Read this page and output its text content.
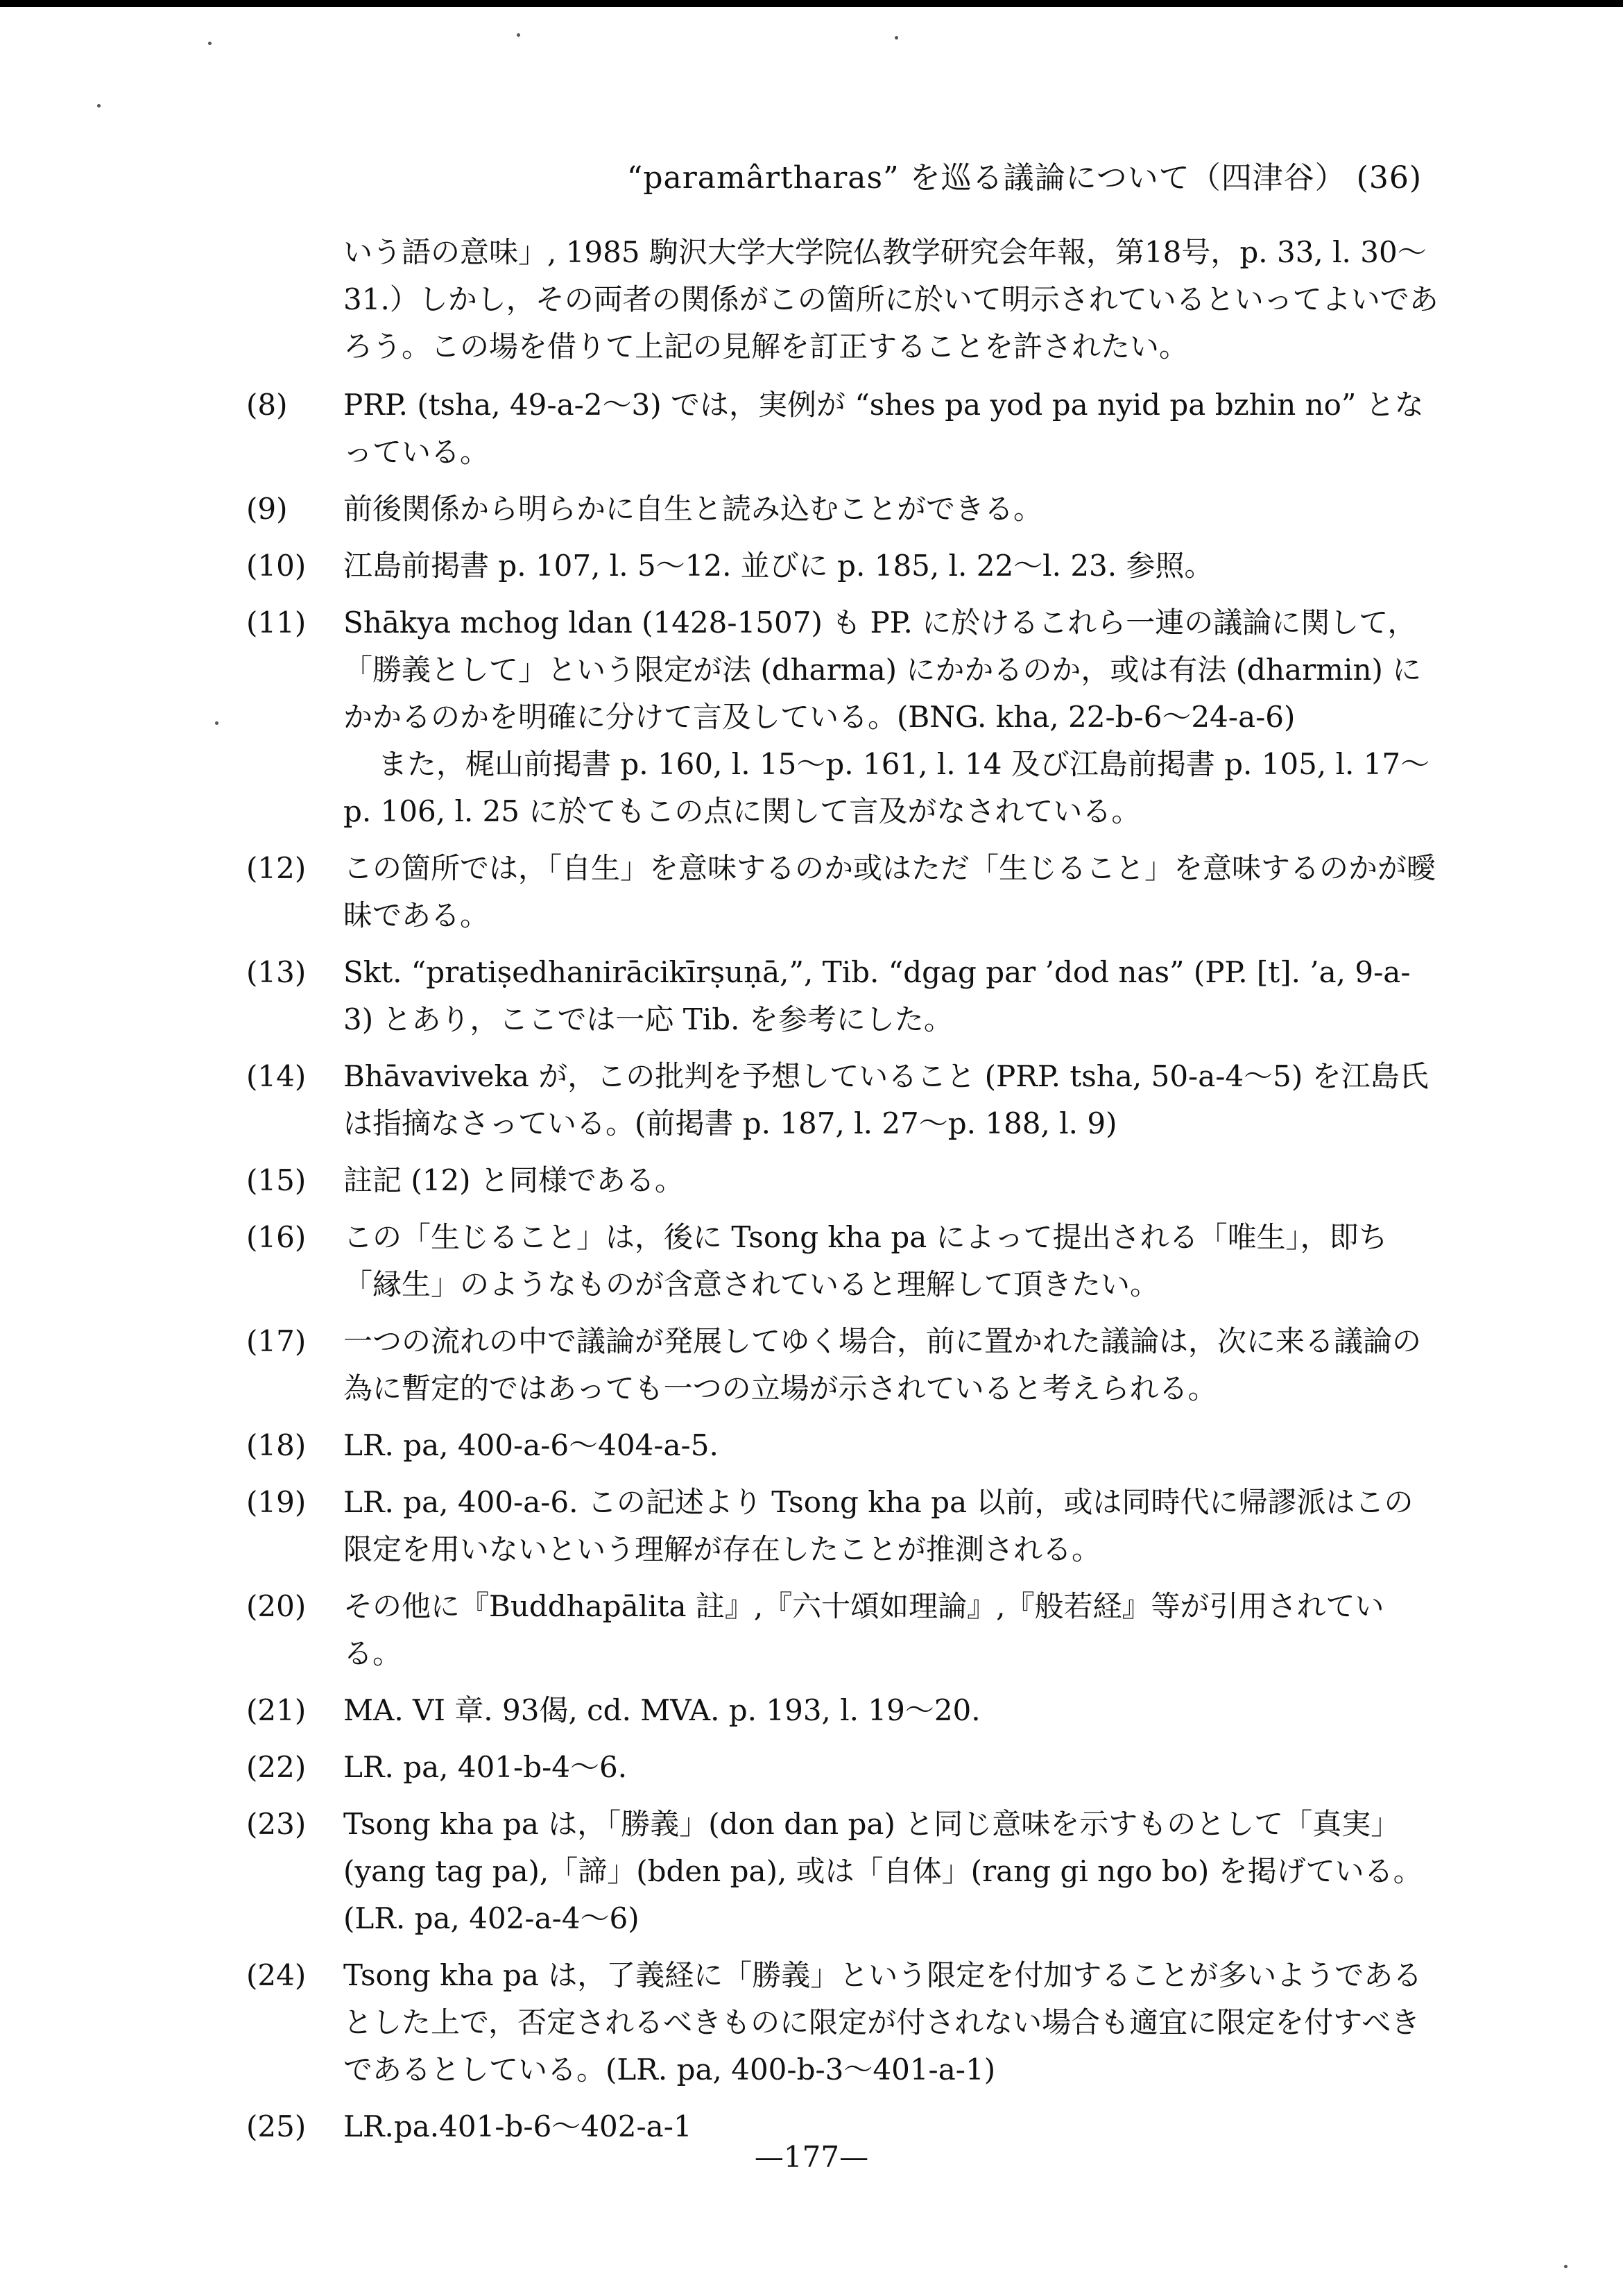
“paramârtharas” を巡る議論について（四津谷） (36)
いう語の意味」, 1985 駒沢大学大学院仏教学研究会年報，第18号，p. 33, l. 30～31.）しかし，その両者の関係がこの箇所に於いて明示されているといってよいであろう。この場を借りて上記の見解を訂正することを許されたい。
( 8 )	PRP. (tsha, 49-a-2～3) では，実例が “shes pa yod pa nyid pa bzhin no” となっている。
( 9 )	前後関係から明らかに自生と読み込むことができる。
( 10 )	江島前掲書 p. 107, l. 5～12. 並びに p. 185, l. 22～l. 23. 参照。
( 11 )	Shākya mchog ldan (1428-1507) も PP. に於けるこれら一連の議論に関して，「勝義として」という限定が法 (dharma) にかかるのか，或は有法 (dharmin) にかかるのかを明確に分けて言及している。(BNG. kha, 22-b-6～24-a-6)

また，梶山前掲書 p. 160, l. 15～p. 161, l. 14 及び江島前掲書 p. 105, l. 17～p. 106, l. 25 に於てもこの点に関して言及がなされている。

( 12 )	この箇所では，「自生」を意味するのか或はただ「生じること」を意味するのかが曖昧である。
( 13 )	Skt. “pratiṣedhanirācikīrṣuṇā,”, Tib. “dgag par ’dod nas” (PP. [t]. ’a, 9-a-3) とあり，ここでは一応 Tib. を参考にした。
( 14 )	Bhāvaviveka が，この批判を予想していること (PRP. tsha, 50-a-4～5) を江島氏は指摘なさっている。(前掲書 p. 187, l. 27～p. 188, l. 9)
( 15 )	註記 (12) と同様である。
( 16 )	この「生じること」は，後に Tsong kha pa によって提出される「唯生」，即ち「縁生」のようなものが含意されていると理解して頂きたい。
( 17 )	一つの流れの中で議論が発展してゆく場合，前に置かれた議論は，次に来る議論の為に暫定的ではあっても一つの立場が示されていると考えられる。
( 18 )	LR. pa, 400-a-6～404-a-5.
( 19 )	LR. pa, 400-a-6. この記述より Tsong kha pa 以前，或は同時代に帰謬派はこの限定を用いないという理解が存在したことが推測される。
( 20 )	その他に『Buddhapālita 註』,『六十頌如理論』,『般若経』等が引用されている。
( 21 )	MA. VI 章. 93偈, cd. MVA. p. 193, l. 19～20.
( 22 )	LR. pa, 401-b-4～6.
( 23 )	Tsong kha pa は，「勝義」(don dan pa) と同じ意味を示すものとして「真実」(yang tag pa),「諦」(bden pa), 或は「自体」(rang gi ngo bo) を掲げている。(LR. pa, 402-a-4～6)
( 24 )	Tsong kha pa は，了義経に「勝義」という限定を付加することが多いようであるとした上で，否定されるべきものに限定が付されない場合も適宜に限定を付すべきであるとしている。(LR. pa, 400-b-3～401-a-1)
( 25 )	LR.pa.401-b-6～402-a-1
—177—
